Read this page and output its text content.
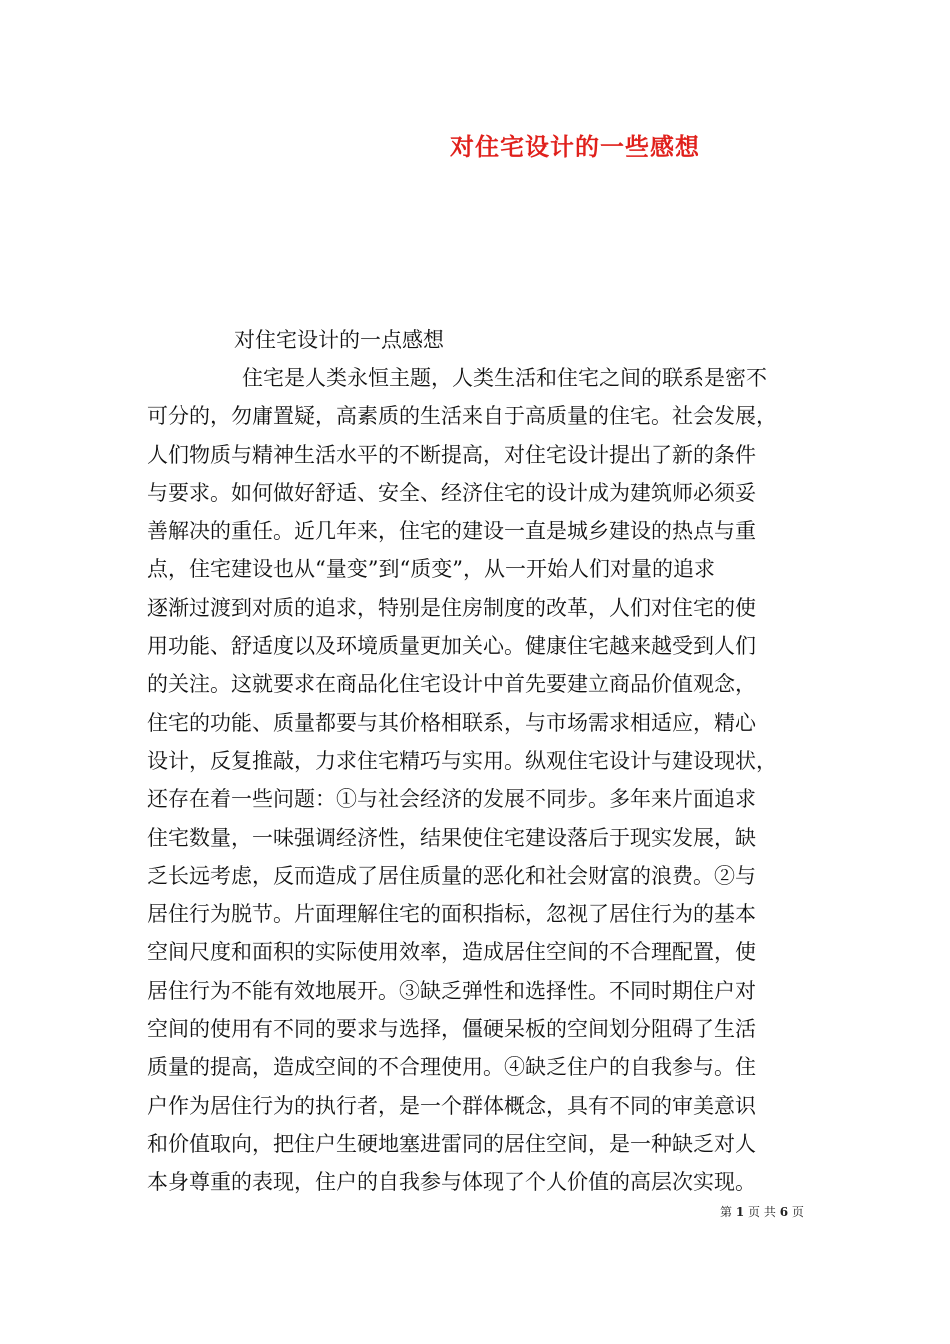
对住宅设计的一些感想
对住宅设计的一点感想
住宅是人类永恒主题，人类生活和住宅之间的联系是密不
可分的，勿庸置疑，高素质的生活来自于高质量的住宅。社会发展，
人们物质与精神生活水平的不断提高，对住宅设计提出了新的条件
与要求。如何做好舒适、安全、经济住宅的设计成为建筑师必须妥
善解决的重任。近几年来，住宅的建设一直是城乡建设的热点与重
点，住宅建设也从“量变”到“质变”，从一开始人们对量的追求
逐渐过渡到对质的追求，特别是住房制度的改革，人们对住宅的使
用功能、舒适度以及环境质量更加关心。健康住宅越来越受到人们
的关注。这就要求在商品化住宅设计中首先要建立商品价值观念，
住宅的功能、质量都要与其价格相联系，与市场需求相适应，精心
设计，反复推敲，力求住宅精巧与实用。纵观住宅设计与建设现状，
还存在着一些问题：①与社会经济的发展不同步。多年来片面追求
住宅数量，一味强调经济性，结果使住宅建设落后于现实发展，缺
乏长远考虑，反而造成了居住质量的恶化和社会财富的浪费。②与
居住行为脱节。片面理解住宅的面积指标，忽视了居住行为的基本
空间尺度和面积的实际使用效率，造成居住空间的不合理配置，使
居住行为不能有效地展开。③缺乏弹性和选择性。不同时期住户对
空间的使用有不同的要求与选择，僵硬呆板的空间划分阻碍了生活
质量的提高，造成空间的不合理使用。④缺乏住户的自我参与。住
户作为居住行为的执行者，是一个群体概念，具有不同的审美意识
和价值取向，把住户生硬地塞进雷同的居住空间，是一种缺乏对人
本身尊重的表现，住户的自我参与体现了个人价值的高层次实现。
第 1 页 共 6 页
